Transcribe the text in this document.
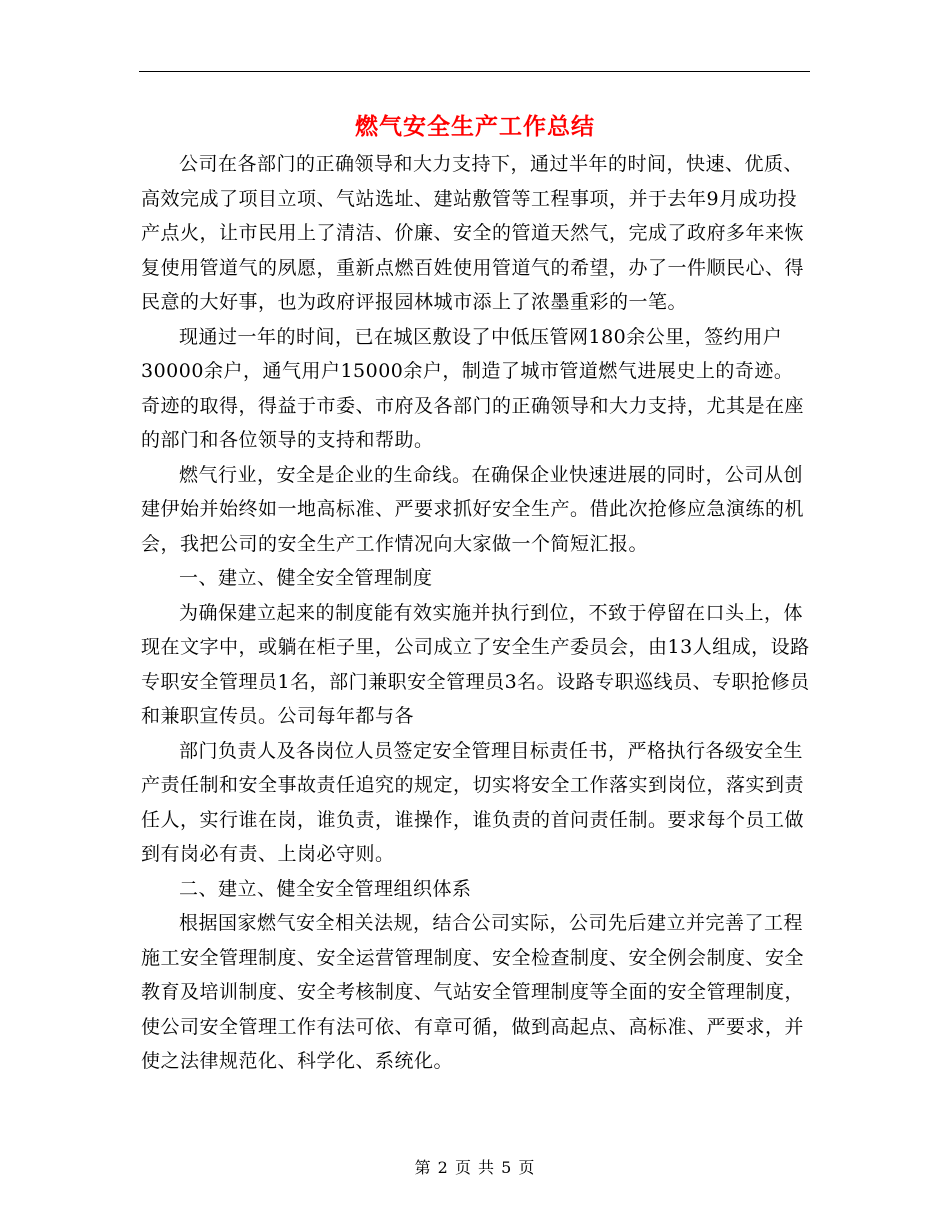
燃气安全生产工作总结

公司在各部门的正确领导和大力支持下，通过半年的时间，快速、优质、高效完成了项目立项、气站选址、建站敷管等工程事项，并于去年9月成功投产点火，让市民用上了清洁、价廉、安全的管道天然气，完成了政府多年来恢复使用管道气的夙愿，重新点燃百姓使用管道气的希望，办了一件顺民心、得民意的大好事，也为政府评报园林城市添上了浓墨重彩的一笔。

现通过一年的时间，已在城区敷设了中低压管网180余公里，签约用户30000余户，通气用户15000余户，制造了城市管道燃气进展史上的奇迹。奇迹的取得，得益于市委、市府及各部门的正确领导和大力支持，尤其是在座的部门和各位领导的支持和帮助。

燃气行业，安全是企业的生命线。在确保企业快速进展的同时，公司从创建伊始并始终如一地高标准、严要求抓好安全生产。借此次抢修应急演练的机会，我把公司的安全生产工作情况向大家做一个简短汇报。

一、建立、健全安全管理制度

为确保建立起来的制度能有效实施并执行到位，不致于停留在口头上，体现在文字中，或躺在柜子里，公司成立了安全生产委员会，由13人组成，设路专职安全管理员1名，部门兼职安全管理员3名。设路专职巡线员、专职抢修员和兼职宣传员。公司每年都与各

部门负责人及各岗位人员签定安全管理目标责任书，严格执行各级安全生产责任制和安全事故责任追究的规定，切实将安全工作落实到岗位，落实到责任人，实行谁在岗，谁负责，谁操作，谁负责的首问责任制。要求每个员工做到有岗必有责、上岗必守则。

二、建立、健全安全管理组织体系

根据国家燃气安全相关法规，结合公司实际，公司先后建立并完善了工程施工安全管理制度、安全运营管理制度、安全检查制度、安全例会制度、安全教育及培训制度、安全考核制度、气站安全管理制度等全面的安全管理制度，使公司安全管理工作有法可依、有章可循，做到高起点、高标准、严要求，并使之法律规范化、科学化、系统化。

第 2 页 共 5 页
